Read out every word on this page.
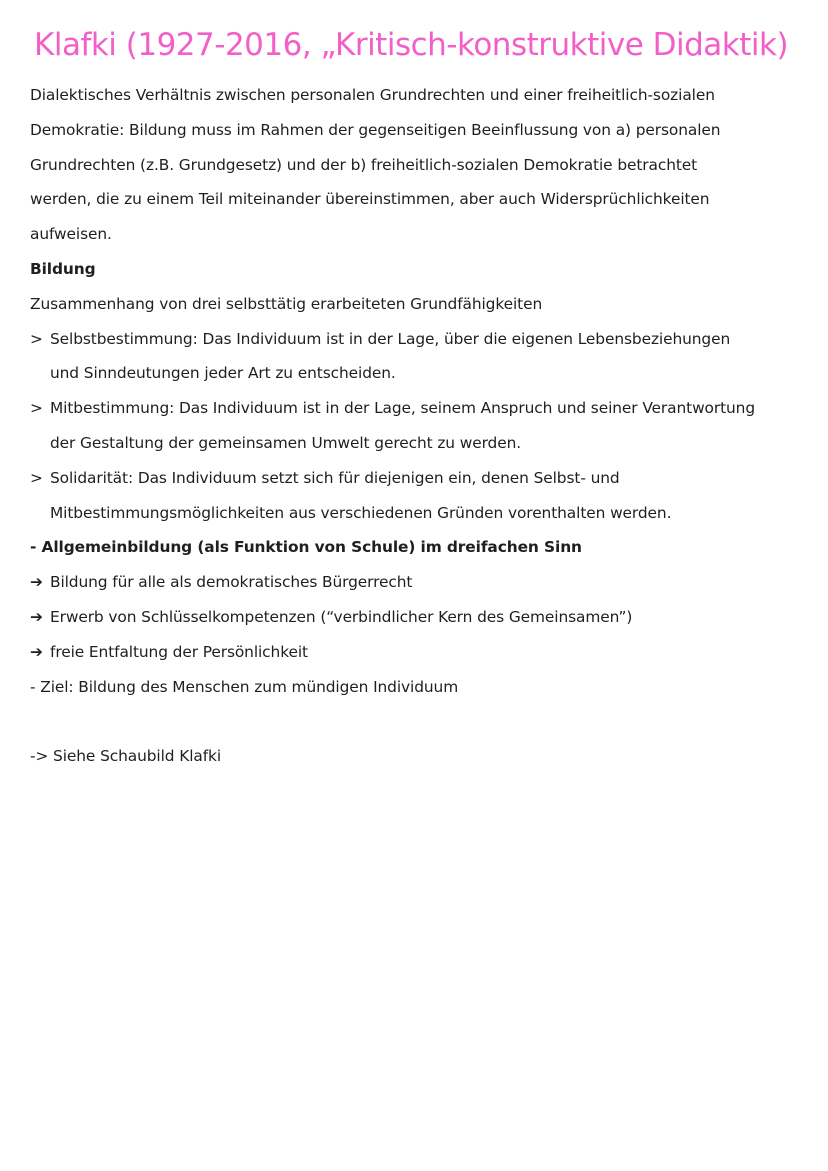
Klafki (1927-2016, „Kritisch-konstruktive Didaktik)
Dialektisches Verhältnis zwischen personalen Grundrechten und einer freiheitlich-sozialen
Demokratie: Bildung muss im Rahmen der gegenseitigen Beeinflussung von a) personalen
Grundrechten (z.B. Grundgesetz) und der b) freiheitlich-sozialen Demokratie betrachtet
werden, die zu einem Teil miteinander übereinstimmen, aber auch Widersprüchlichkeiten
aufweisen.
Bildung
Zusammenhang von drei selbsttätig erarbeiteten Grundfähigkeiten
> Selbstbestimmung: Das Individuum ist in der Lage, über die eigenen Lebensbeziehungen
und Sinndeutungen jeder Art zu entscheiden.
> Mitbestimmung: Das Individuum ist in der Lage, seinem Anspruch und seiner Verantwortung
der Gestaltung der gemeinsamen Umwelt gerecht zu werden.
> Solidarität: Das Individuum setzt sich für diejenigen ein, denen Selbst- und
Mitbestimmungsmöglichkeiten aus verschiedenen Gründen vorenthalten werden.
- Allgemeinbildung (als Funktion von Schule) im dreifachen Sinn
➔ Bildung für alle als demokratisches Bürgerrecht
➔ Erwerb von Schlüsselkompetenzen (“verbindlicher Kern des Gemeinsamen”)
➔ freie Entfaltung der Persönlichkeit
- Ziel: Bildung des Menschen zum mündigen Individuum
-> Siehe Schaubild Klafki
